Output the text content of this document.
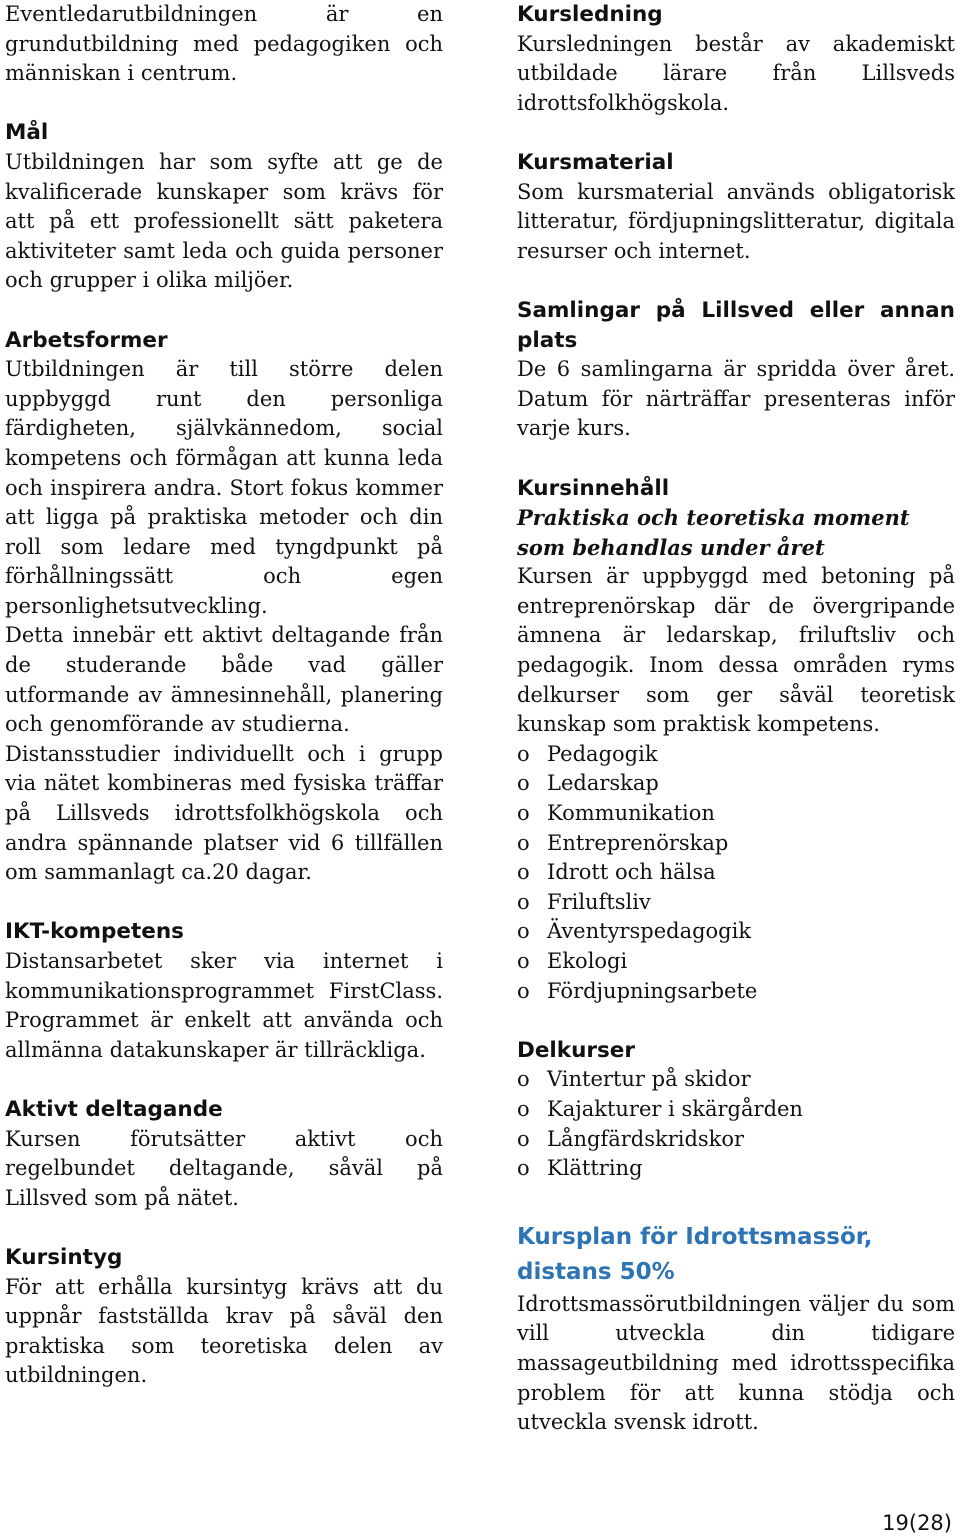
Eventledarutbildningen är en grundutbildning med pedagogiken och människan i centrum.

Mål

Utbildningen har som syfte att ge de kvalificerade kunskaper som krävs för att på ett professionellt sätt paketera aktiviteter samt leda och guida personer och grupper i olika miljöer.

Arbetsformer

Utbildningen är till större delen uppbyggd runt den personliga färdigheten, självkännedom, social kompetens och förmågan att kunna leda och inspirera andra. Stort fokus kommer att ligga på praktiska metoder och din roll som ledare med tyngdpunkt på förhållningssätt och egen personlighetsutveckling.

Detta innebär ett aktivt deltagande från de studerande både vad gäller utformande av ämnesinnehåll, planering och genomförande av studierna.

Distansstudier individuellt och i grupp via nätet kombineras med fysiska träffar på Lillsveds idrottsfolkhögskola och andra spännande platser vid 6 tillfällen om sammanlagt ca.20 dagar.

IKT-kompetens

Distansarbetet sker via internet i kommunikationsprogrammet FirstClass. Programmet är enkelt att använda och allmänna datakunskaper är tillräckliga.

Aktivt deltagande

Kursen förutsätter aktivt och regelbundet deltagande, såväl på Lillsved som på nätet.

Kursintyg

För att erhålla kursintyg krävs att du uppnår fastställda krav på såväl den praktiska som teoretiska delen av utbildningen.

Kursledning

Kursledningen består av akademiskt utbildade lärare från Lillsveds idrottsfolkhögskola.

Kursmaterial

Som kursmaterial används obligatorisk litteratur, fördjupningslitteratur, digitala resurser och internet.

Samlingar på Lillsved eller annan plats

De 6 samlingarna är spridda över året. Datum för närträffar presenteras inför varje kurs.

Kursinnehåll
Praktiska och teoretiska moment som behandlas under året

Kursen är uppbyggd med betoning på entreprenörskap där de övergripande ämnena är ledarskap, friluftsliv och pedagogik. Inom dessa områden ryms delkurser som ger såväl teoretisk kunskap som praktisk kompetens.

o Pedagogik
o Ledarskap
o Kommunikation
o Entreprenörskap
o Idrott och hälsa
o Friluftsliv
o Äventyrspedagogik
o Ekologi
o Fördjupningsarbete
Delkurser
o Vintertur på skidor
o Kajakturer i skärgården
o Långfärdskridskor
o Klättring
Kursplan för Idrottsmassör, distans 50%

Idrottsmassörutbildningen väljer du som vill utveckla din tidigare massageutbildning med idrottsspecifika problem för att kunna stödja och utveckla svensk idrott.

19(28)
